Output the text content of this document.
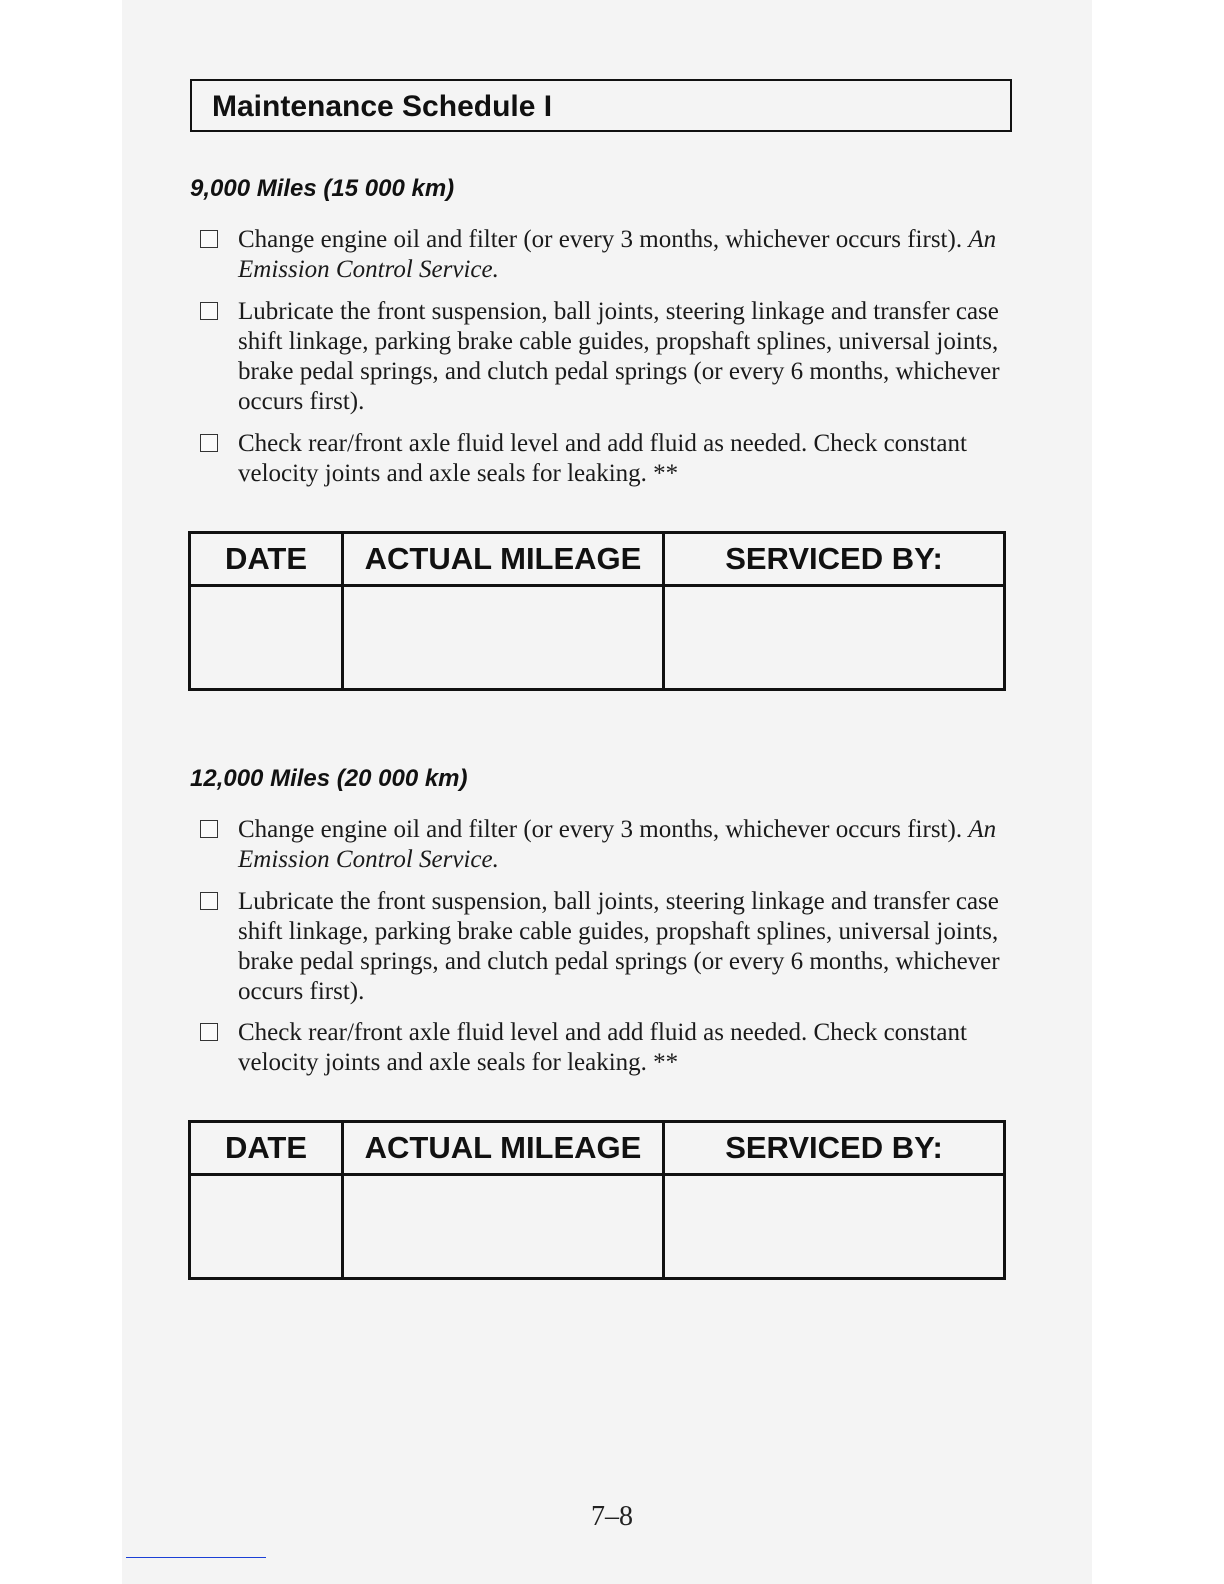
Maintenance Schedule I
9,000 Miles (15 000 km)
Change engine oil and filter (or every 3 months, whichever occurs first). An Emission Control Service.
Lubricate the front suspension, ball joints, steering linkage and transfer case shift linkage, parking brake cable guides, propshaft splines, universal joints, brake pedal springs, and clutch pedal springs (or every 6 months, whichever occurs first).
Check rear/front axle fluid level and add fluid as needed. Check constant velocity joints and axle seals for leaking. **
DATE	ACTUAL MILEAGE	SERVICED BY:

12,000 Miles (20 000 km)
Change engine oil and filter (or every 3 months, whichever occurs first). An Emission Control Service.
Lubricate the front suspension, ball joints, steering linkage and transfer case shift linkage, parking brake cable guides, propshaft splines, universal joints, brake pedal springs, and clutch pedal springs (or every 6 months, whichever occurs first).
Check rear/front axle fluid level and add fluid as needed. Check constant velocity joints and axle seals for leaking. **
DATE	ACTUAL MILEAGE	SERVICED BY:

7–8
